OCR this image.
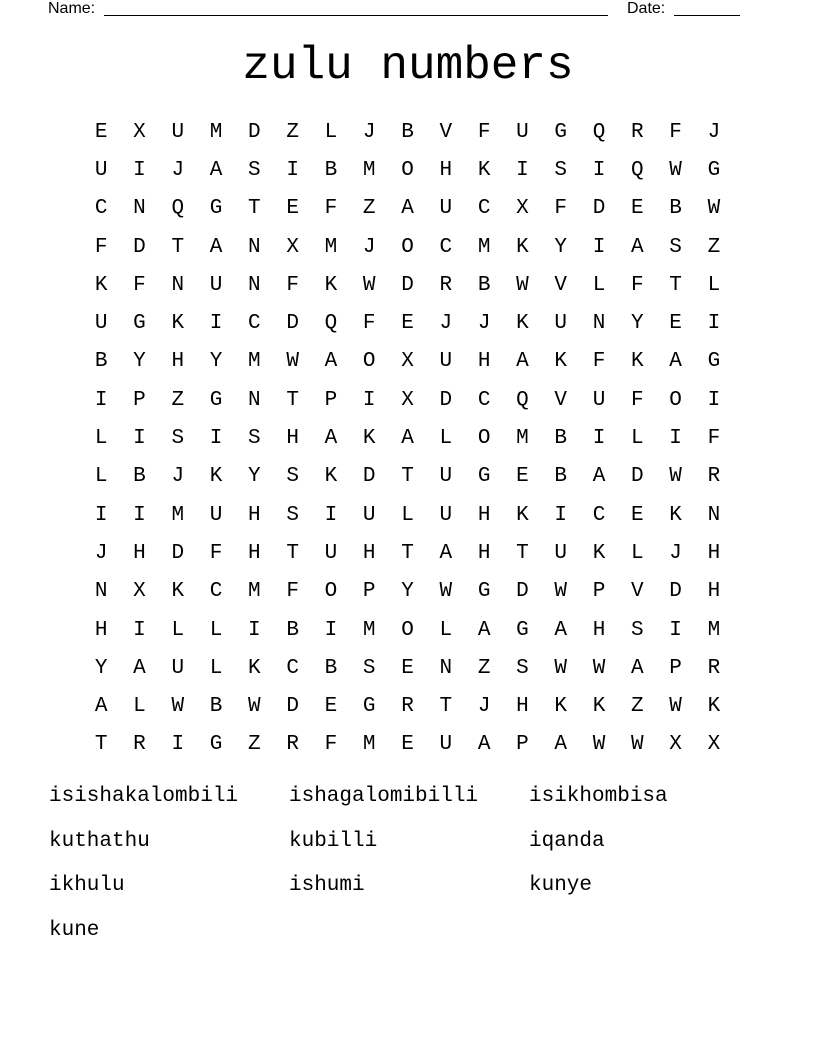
Name:	Date:
zulu numbers
E	X	U	M	D	Z	L	J	B	V	F	U	G	Q	R	F	J
U	I	J	A	S	I	B	M	O	H	K	I	S	I	Q	W	G
C	N	Q	G	T	E	F	Z	A	U	C	X	F	D	E	B	W
F	D	T	A	N	X	M	J	O	C	M	K	Y	I	A	S	Z
K	F	N	U	N	F	K	W	D	R	B	W	V	L	F	T	L
U	G	K	I	C	D	Q	F	E	J	J	K	U	N	Y	E	I
B	Y	H	Y	M	W	A	O	X	U	H	A	K	F	K	A	G
I	P	Z	G	N	T	P	I	X	D	C	Q	V	U	F	O	I
L	I	S	I	S	H	A	K	A	L	O	M	B	I	L	I	F
L	B	J	K	Y	S	K	D	T	U	G	E	B	A	D	W	R
I	I	M	U	H	S	I	U	L	U	H	K	I	C	E	K	N
J	H	D	F	H	T	U	H	T	A	H	T	U	K	L	J	H
N	X	K	C	M	F	O	P	Y	W	G	D	W	P	V	D	H
H	I	L	L	I	B	I	M	O	L	A	G	A	H	S	I	M
Y	A	U	L	K	C	B	S	E	N	Z	S	W	W	A	P	R
A	L	W	B	W	D	E	G	R	T	J	H	K	K	Z	W	K
T	R	I	G	Z	R	F	M	E	U	A	P	A	W	W	X	X
isishakalombili	ishagalomibilli	isikhombisa
kuthathu	kubilli	iqanda
ikhulu	ishumi	kunye
kune
